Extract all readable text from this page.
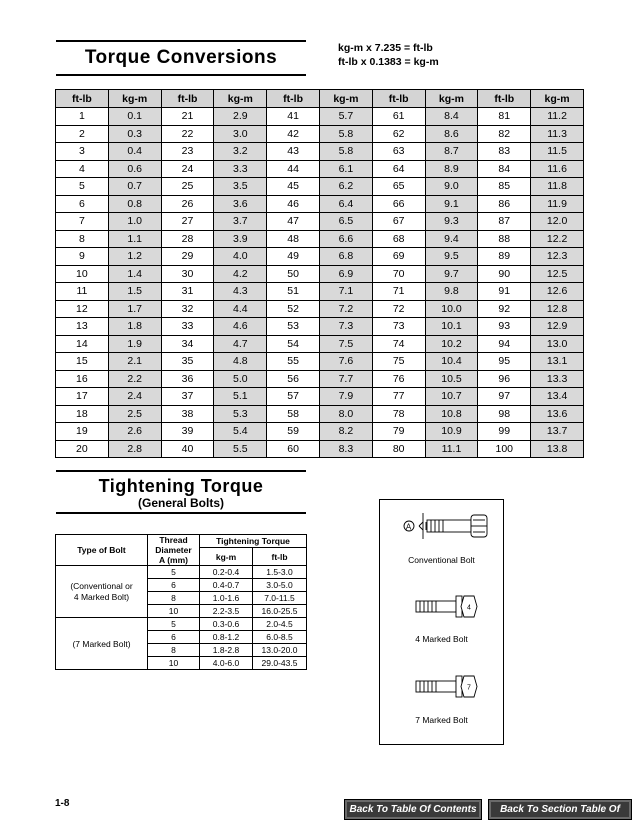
Torque Conversions	kg-m x 7.235 = ft-lb
ft-lb x 0.1383 = kg-m
ft-lb	kg-m	ft-lb	kg-m	ft-lb	kg-m	ft-lb	kg-m	ft-lb	kg-m
1	0.1	21	2.9	41	5.7	61	8.4	81	11.2
2	0.3	22	3.0	42	5.8	62	8.6	82	11.3
3	0.4	23	3.2	43	5.8	63	8.7	83	11.5
4	0.6	24	3.3	44	6.1	64	8.9	84	11.6
5	0.7	25	3.5	45	6.2	65	9.0	85	11.8
6	0.8	26	3.6	46	6.4	66	9.1	86	11.9
7	1.0	27	3.7	47	6.5	67	9.3	87	12.0
8	1.1	28	3.9	48	6.6	68	9.4	88	12.2
9	1.2	29	4.0	49	6.8	69	9.5	89	12.3
10	1.4	30	4.2	50	6.9	70	9.7	90	12.5
11	1.5	31	4.3	51	7.1	71	9.8	91	12.6
12	1.7	32	4.4	52	7.2	72	10.0	92	12.8
13	1.8	33	4.6	53	7.3	73	10.1	93	12.9
14	1.9	34	4.7	54	7.5	74	10.2	94	13.0
15	2.1	35	4.8	55	7.6	75	10.4	95	13.1
16	2.2	36	5.0	56	7.7	76	10.5	96	13.3
17	2.4	37	5.1	57	7.9	77	10.7	97	13.4
18	2.5	38	5.3	58	8.0	78	10.8	98	13.6
19	2.6	39	5.4	59	8.2	79	10.9	99	13.7
20	2.8	40	5.5	60	8.3	80	11.1	100	13.8
Tightening Torque
(General Bolts)
Type of Bolt	Thread
Diameter
A (mm)	Tightening Torque	
		kg-m	ft-lb
(Conventional or
4 Marked Bolt)	5	0.2-0.4	1.5-3.0
	6	0.4-0.7	3.0-5.0
	8	1.0-1.6	7.0-11.5
	10	2.2-3.5	16.0-25.5
(7 Marked Bolt)	5	0.3-0.6	2.0-4.5
	6	0.8-1.2	6.0-8.5
	8	1.8-2.8	13.0-20.0
	10	4.0-6.0	29.0-43.5
A
4
7
Conventional Bolt
4 Marked Bolt
7 Marked Bolt
1-8
Back To Table Of Contents	Back To Section Table Of Contents
